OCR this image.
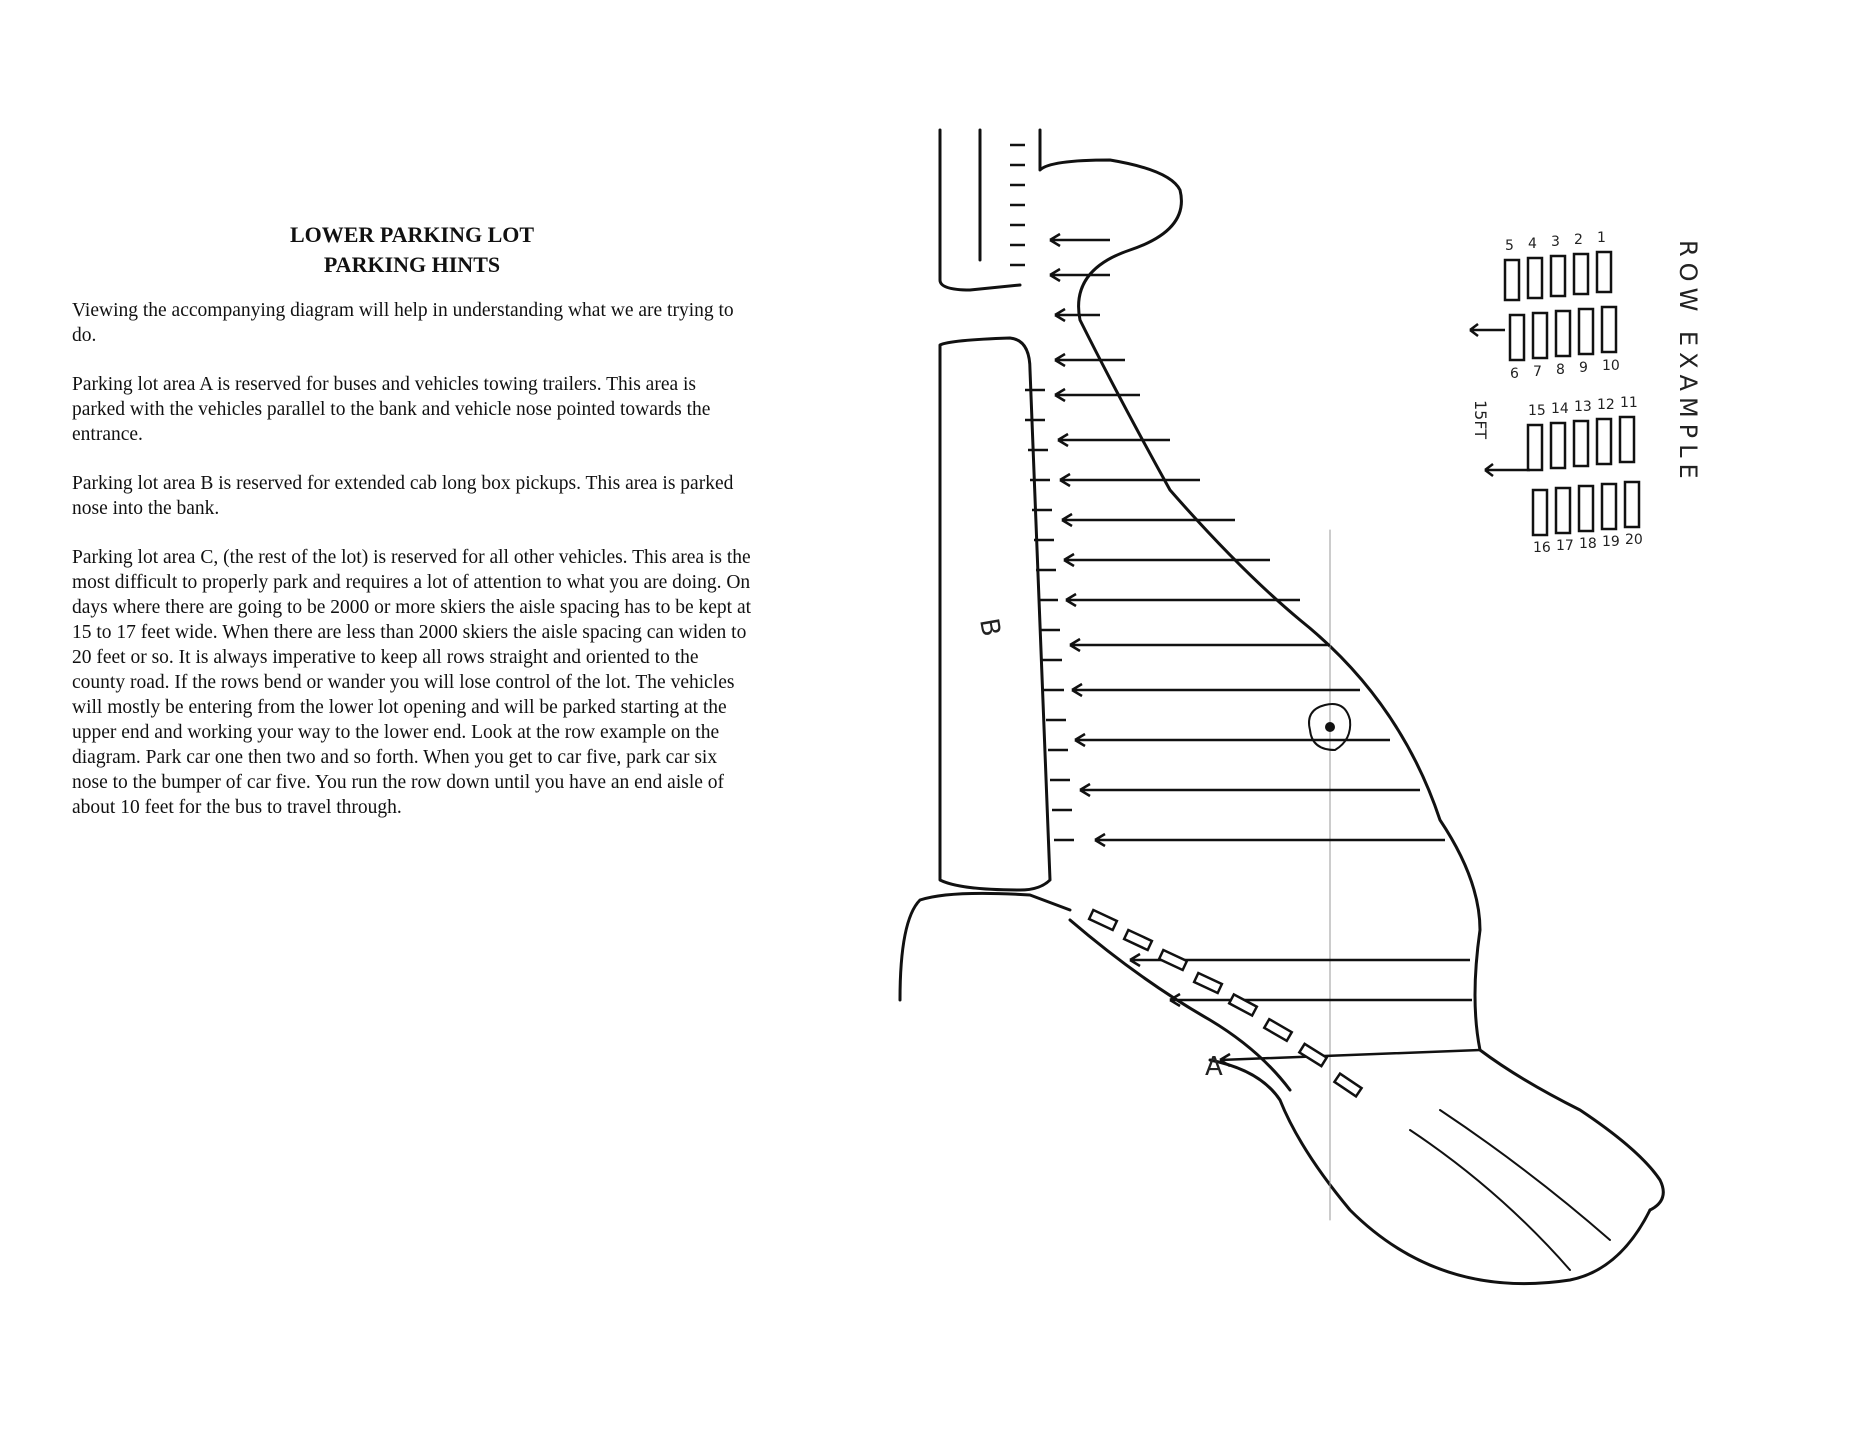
LOWER PARKING LOT
PARKING HINTS

Viewing the accompanying diagram will help in understanding what we are trying to do.

Parking lot area A is reserved for buses and vehicles towing trailers. This area is parked with the vehicles parallel to the bank and vehicle nose pointed towards the entrance.

Parking lot area B is reserved for extended cab long box pickups. This area is parked nose into the bank.

Parking lot area C, (the rest of the lot) is reserved for all other vehicles. This area is the most difficult to properly park and requires a lot of attention to what you are doing. On days where there are going to be 2000 or more skiers the aisle spacing has to be kept at 15 to 17 feet wide. When there are less than 2000 skiers the aisle spacing can widen to 20 feet or so. It is always imperative to keep all rows straight and oriented to the county road. If the rows bend or wander you will lose control of the lot. The vehicles will mostly be entering from the lower lot opening and will be parked starting at the upper end and working your way to the lower end. Look at the row example on the diagram. Park car one then two and so forth. When you get to car five, park car six nose to the bumper of car five. You run the row down until you have an end aisle of about 10 feet for the bus to travel through.

B
A
5 4 3 2 1
6 7 8 9 10
15 14 13 12 11
16 17 18 19 20
15FT	ROW EXAMPLE
